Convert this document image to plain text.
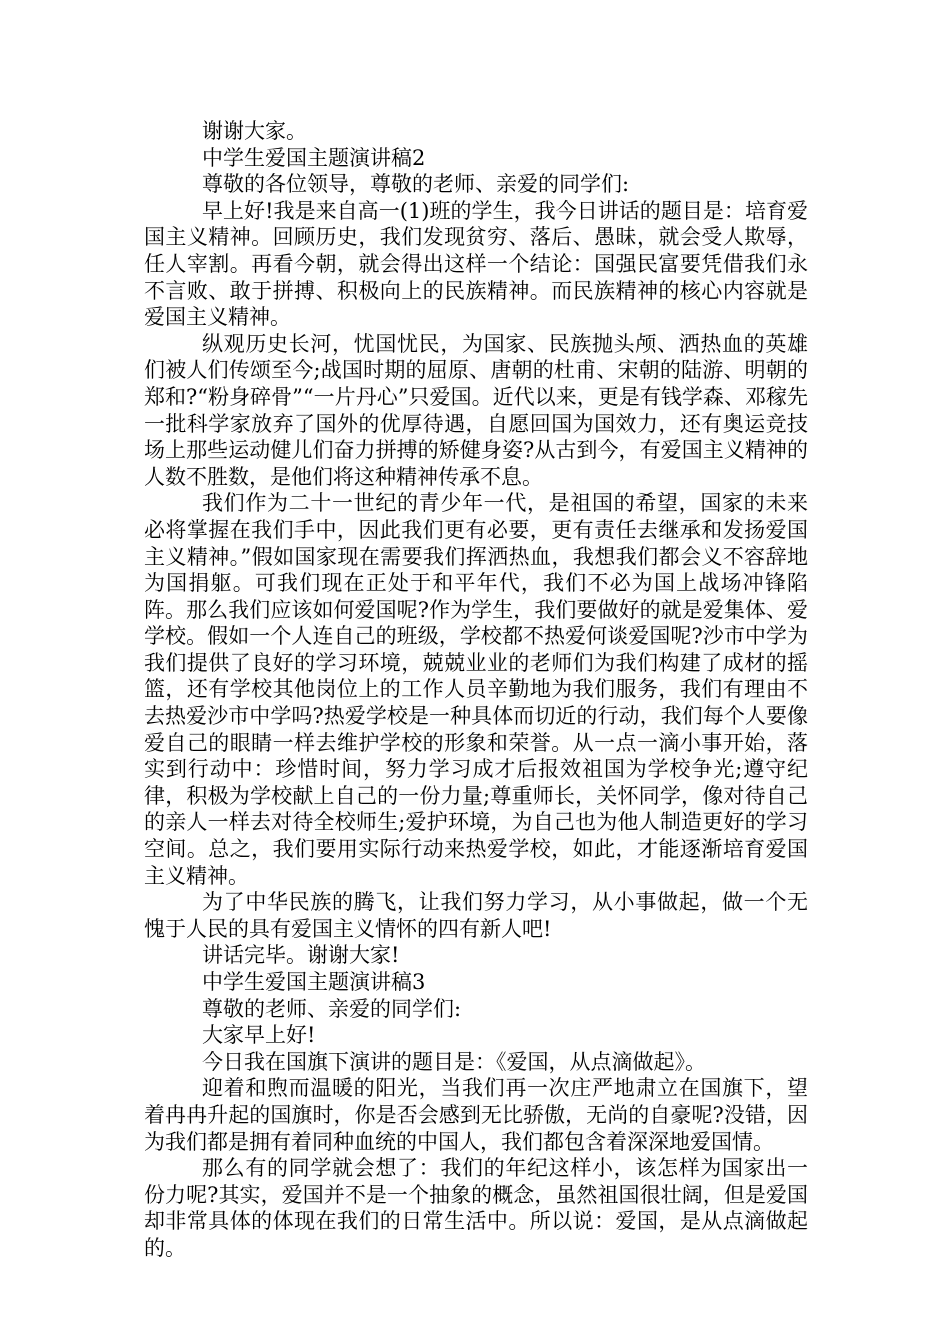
谢谢大家。

中学生爱国主题演讲稿2

尊敬的各位领导，尊敬的老师、亲爱的同学们:

早上好!我是来自高一(1)班的学生，我今日讲话的题目是：培育爱国主义精神。回顾历史，我们发现贫穷、落后、愚昧，就会受人欺辱，任人宰割。再看今朝，就会得出这样一个结论：国强民富要凭借我们永不言败、敢于拼搏、积极向上的民族精神。而民族精神的核心内容就是爱国主义精神。

纵观历史长河，忧国忧民，为国家、民族抛头颅、洒热血的英雄们被人们传颂至今;战国时期的屈原、唐朝的杜甫、宋朝的陆游、明朝的郑和?“粉身碎骨”“一片丹心”只爱国。近代以来，更是有钱学森、邓稼先一批科学家放弃了国外的优厚待遇，自愿回国为国效力，还有奥运竞技场上那些运动健儿们奋力拼搏的矫健身姿?从古到今，有爱国主义精神的人数不胜数，是他们将这种精神传承不息。

我们作为二十一世纪的青少年一代，是祖国的希望，国家的未来必将掌握在我们手中，因此我们更有必要，更有责任去继承和发扬爱国主义精神。”假如国家现在需要我们挥洒热血，我想我们都会义不容辞地为国捐躯。可我们现在正处于和平年代，我们不必为国上战场冲锋陷阵。那么我们应该如何爱国呢?作为学生，我们要做好的就是爱集体、爱学校。假如一个人连自己的班级，学校都不热爱何谈爱国呢?沙市中学为我们提供了良好的学习环境，兢兢业业的老师们为我们构建了成材的摇篮，还有学校其他岗位上的工作人员辛勤地为我们服务，我们有理由不去热爱沙市中学吗?热爱学校是一种具体而切近的行动，我们每个人要像爱自己的眼睛一样去维护学校的形象和荣誉。从一点一滴小事开始，落实到行动中：珍惜时间，努力学习成才后报效祖国为学校争光;遵守纪律，积极为学校献上自己的一份力量;尊重师长，关怀同学，像对待自己的亲人一样去对待全校师生;爱护环境，为自己也为他人制造更好的学习空间。总之，我们要用实际行动来热爱学校，如此，才能逐渐培育爱国主义精神。

为了中华民族的腾飞，让我们努力学习，从小事做起，做一个无愧于人民的具有爱国主义情怀的四有新人吧!

讲话完毕。谢谢大家!

中学生爱国主题演讲稿3

尊敬的老师、亲爱的同学们:

大家早上好!

今日我在国旗下演讲的题目是：《爱国，从点滴做起》。

迎着和煦而温暖的阳光，当我们再一次庄严地肃立在国旗下，望着冉冉升起的国旗时，你是否会感到无比骄傲，无尚的自豪呢?没错，因为我们都是拥有着同种血统的中国人，我们都包含着深深地爱国情。

那么有的同学就会想了：我们的年纪这样小，该怎样为国家出一份力呢?其实，爱国并不是一个抽象的概念，虽然祖国很壮阔，但是爱国却非常具体的体现在我们的日常生活中。所以说：爱国，是从点滴做起的。
